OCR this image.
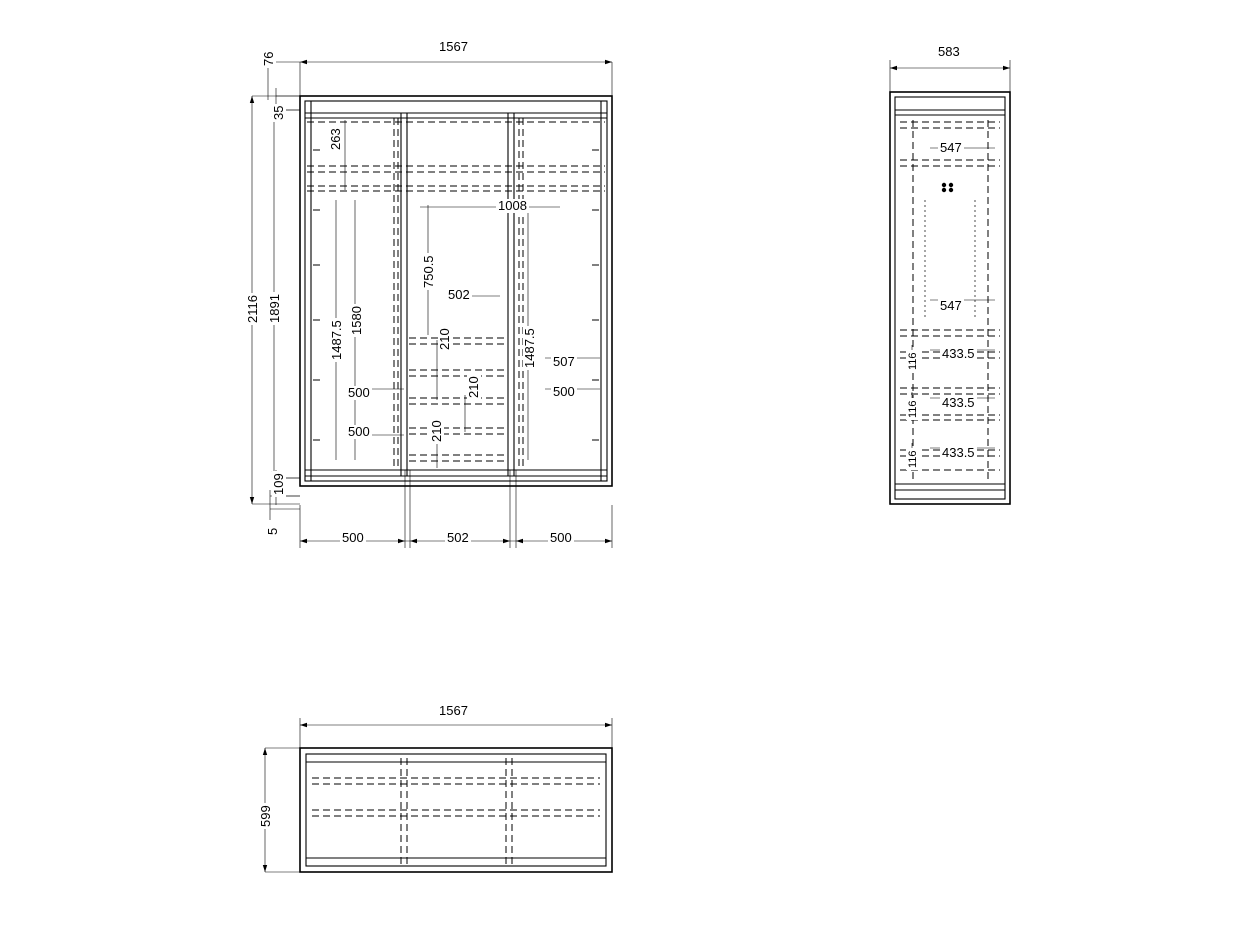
1567
76
35
2116 1891
109
5
263
1487.5 1580
750.5
1008
502
1487.5 507
500
500
500
210
210
210
500	502	500
583
547
547
433.5
433.5
433.5
116
116
116
1567
599
